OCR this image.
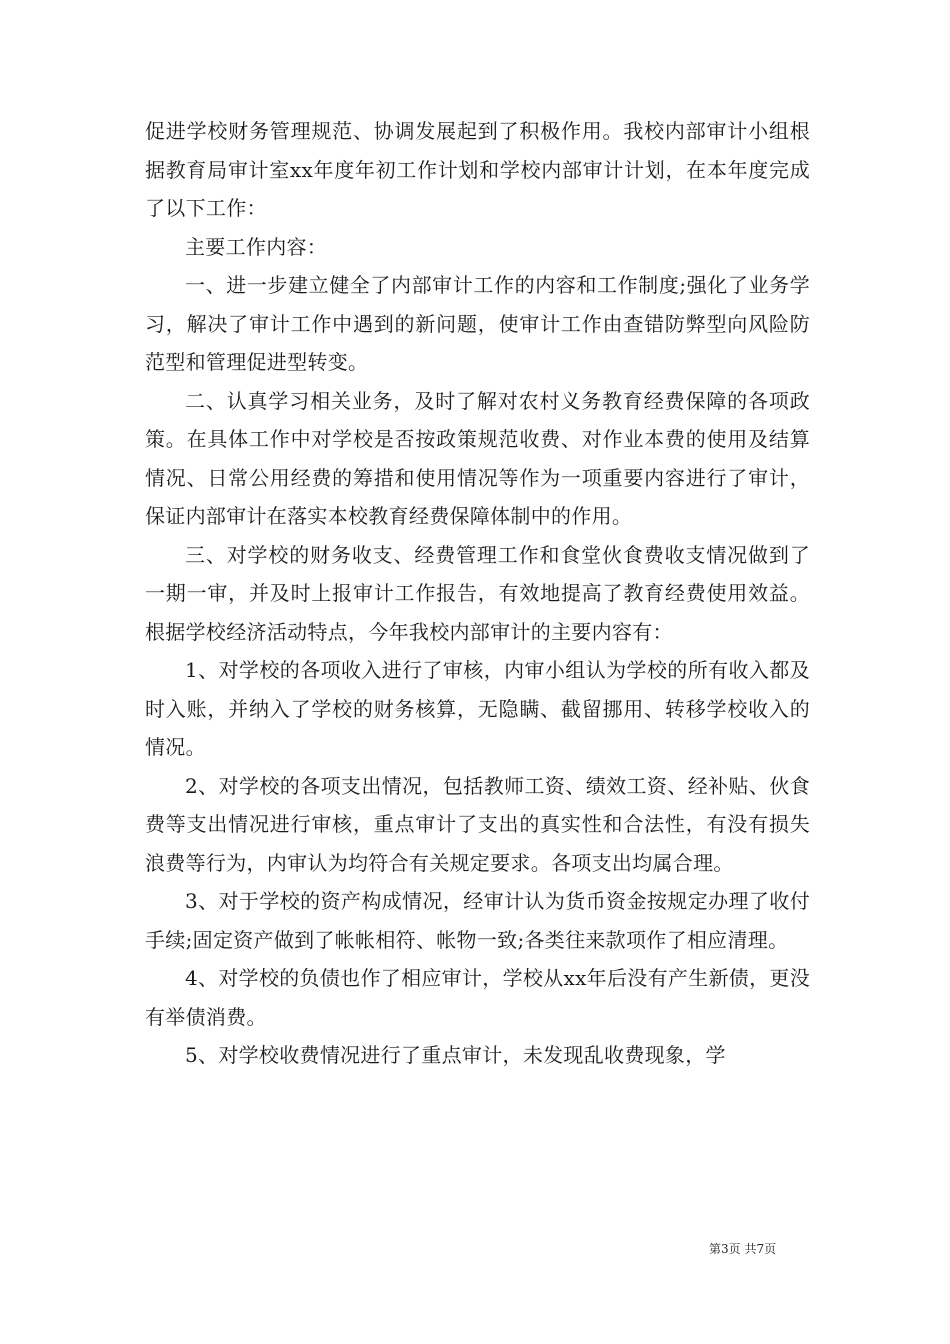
促进学校财务管理规范、协调发展起到了积极作用。我校内部审计小组根据教育局审计室xx年度年初工作计划和学校内部审计计划，在本年度完成了以下工作：

主要工作内容：

一、进一步建立健全了内部审计工作的内容和工作制度;强化了业务学习，解决了审计工作中遇到的新问题，使审计工作由查错防弊型向风险防范型和管理促进型转变。

二、认真学习相关业务，及时了解对农村义务教育经费保障的各项政策。在具体工作中对学校是否按政策规范收费、对作业本费的使用及结算情况、日常公用经费的筹措和使用情况等作为一项重要内容进行了审计，保证内部审计在落实本校教育经费保障体制中的作用。

三、对学校的财务收支、经费管理工作和食堂伙食费收支情况做到了一期一审，并及时上报审计工作报告，有效地提高了教育经费使用效益。根据学校经济活动特点，今年我校内部审计的主要内容有：

1、对学校的各项收入进行了审核，内审小组认为学校的所有收入都及时入账，并纳入了学校的财务核算，无隐瞒、截留挪用、转移学校收入的情况。

2、对学校的各项支出情况，包括教师工资、绩效工资、经补贴、伙食费等支出情况进行审核，重点审计了支出的真实性和合法性，有没有损失浪费等行为，内审认为均符合有关规定要求。各项支出均属合理。

3、对于学校的资产构成情况，经审计认为货币资金按规定办理了收付手续;固定资产做到了帐帐相符、帐物一致;各类往来款项作了相应清理。

4、对学校的负债也作了相应审计，学校从xx年后没有产生新债，更没有举债消费。

5、对学校收费情况进行了重点审计，未发现乱收费现象，学

第3页 共7页
